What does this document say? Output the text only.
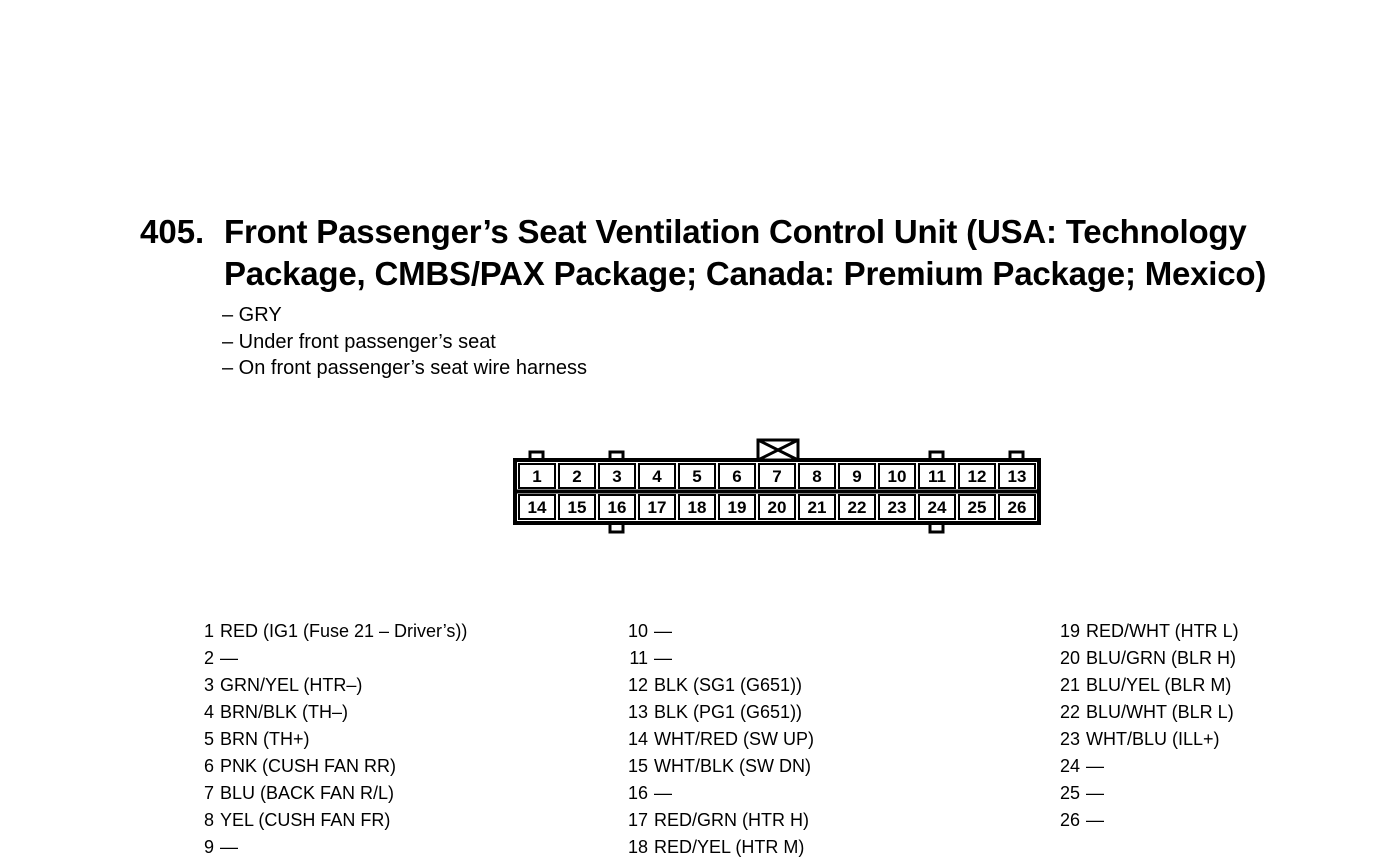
405. Front Passenger’s Seat Ventilation Control Unit (USA: Technology
Package, CMBS/PAX Package; Canada: Premium Package; Mexico)
– GRY
– Under front passenger’s seat
– On front passenger’s seat wire harness
1 2 3 4 5 6 7 8 9 10 11 12 13
14 15 16 17 18 19 20 21 22 23 24 25 26
1 RED (IG1 (Fuse 21 – Driver’s))
2 —
3 GRN/YEL (HTR–)
4 BRN/BLK (TH–)
5 BRN (TH+)
6 PNK (CUSH FAN RR)
7 BLU (BACK FAN R/L)
8 YEL (CUSH FAN FR)
9 —
10 —
11 —
12 BLK (SG1 (G651))
13 BLK (PG1 (G651))
14 WHT/RED (SW UP)
15 WHT/BLK (SW DN)
16 —
17 RED/GRN (HTR H)
18 RED/YEL (HTR M)
19 RED/WHT (HTR L)
20 BLU/GRN (BLR H)
21 BLU/YEL (BLR M)
22 BLU/WHT (BLR L)
23 WHT/BLU (ILL+)
24 —
25 —
26 —
